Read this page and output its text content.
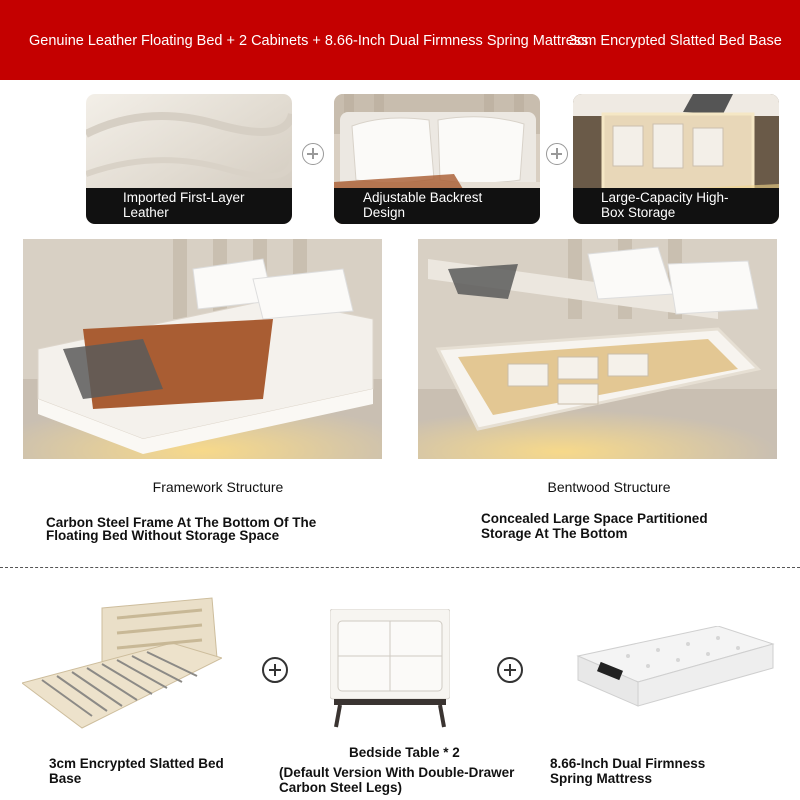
Genuine Leather Floating Bed + 2 Cabinets + 8.66-Inch Dual Firmness Spring Mattress
3cm Encrypted Slatted Bed Base
Imported First-Layer Leather
Adjustable Backrest Design
Large-Capacity High-Box Storage
Framework Structure
Carbon Steel Frame At The Bottom Of The Floating Bed Without Storage Space
Bentwood Structure
Concealed Large Space Partitioned Storage At The Bottom
3cm Encrypted Slatted Bed Base
Bedside Table * 2
(Default Version With Double-Drawer Carbon Steel Legs)
8.66-Inch Dual Firmness Spring Mattress
